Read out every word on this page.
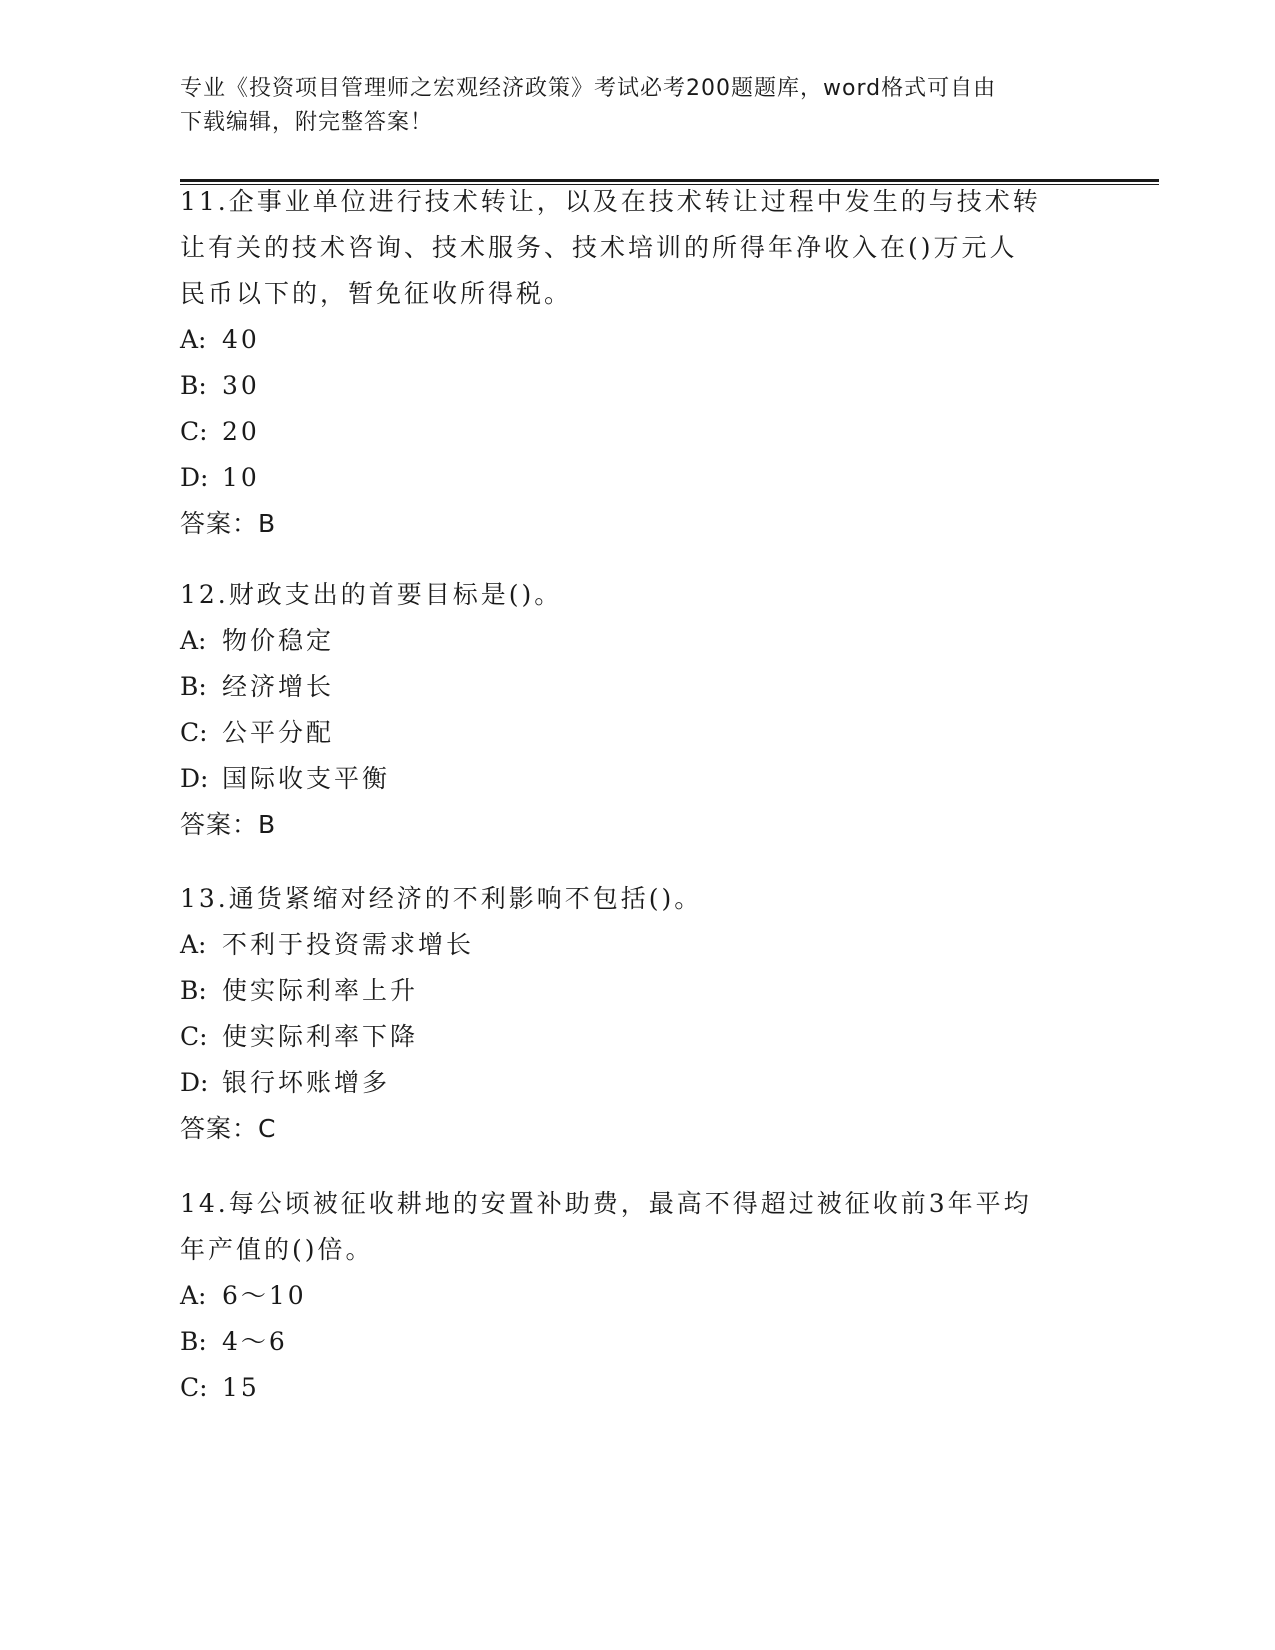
专业《投资项目管理师之宏观经济政策》考试必考200题题库，word格式可自由
下载编辑，附完整答案！
11.企事业单位进行技术转让，以及在技术转让过程中发生的与技术转
让有关的技术咨询、技术服务、技术培训的所得年净收入在()万元人
民币以下的，暂免征收所得税。
A: 40
B: 30
C: 20
D: 10
答案：B
12.财政支出的首要目标是()。
A: 物价稳定
B: 经济增长
C: 公平分配
D: 国际收支平衡
答案：B
13.通货紧缩对经济的不利影响不包括()。
A: 不利于投资需求增长
B: 使实际利率上升
C: 使实际利率下降
D: 银行坏账增多
答案：C
14.每公顷被征收耕地的安置补助费，最高不得超过被征收前3年平均
年产值的()倍。
A: 6～10
B: 4～6
C: 15
